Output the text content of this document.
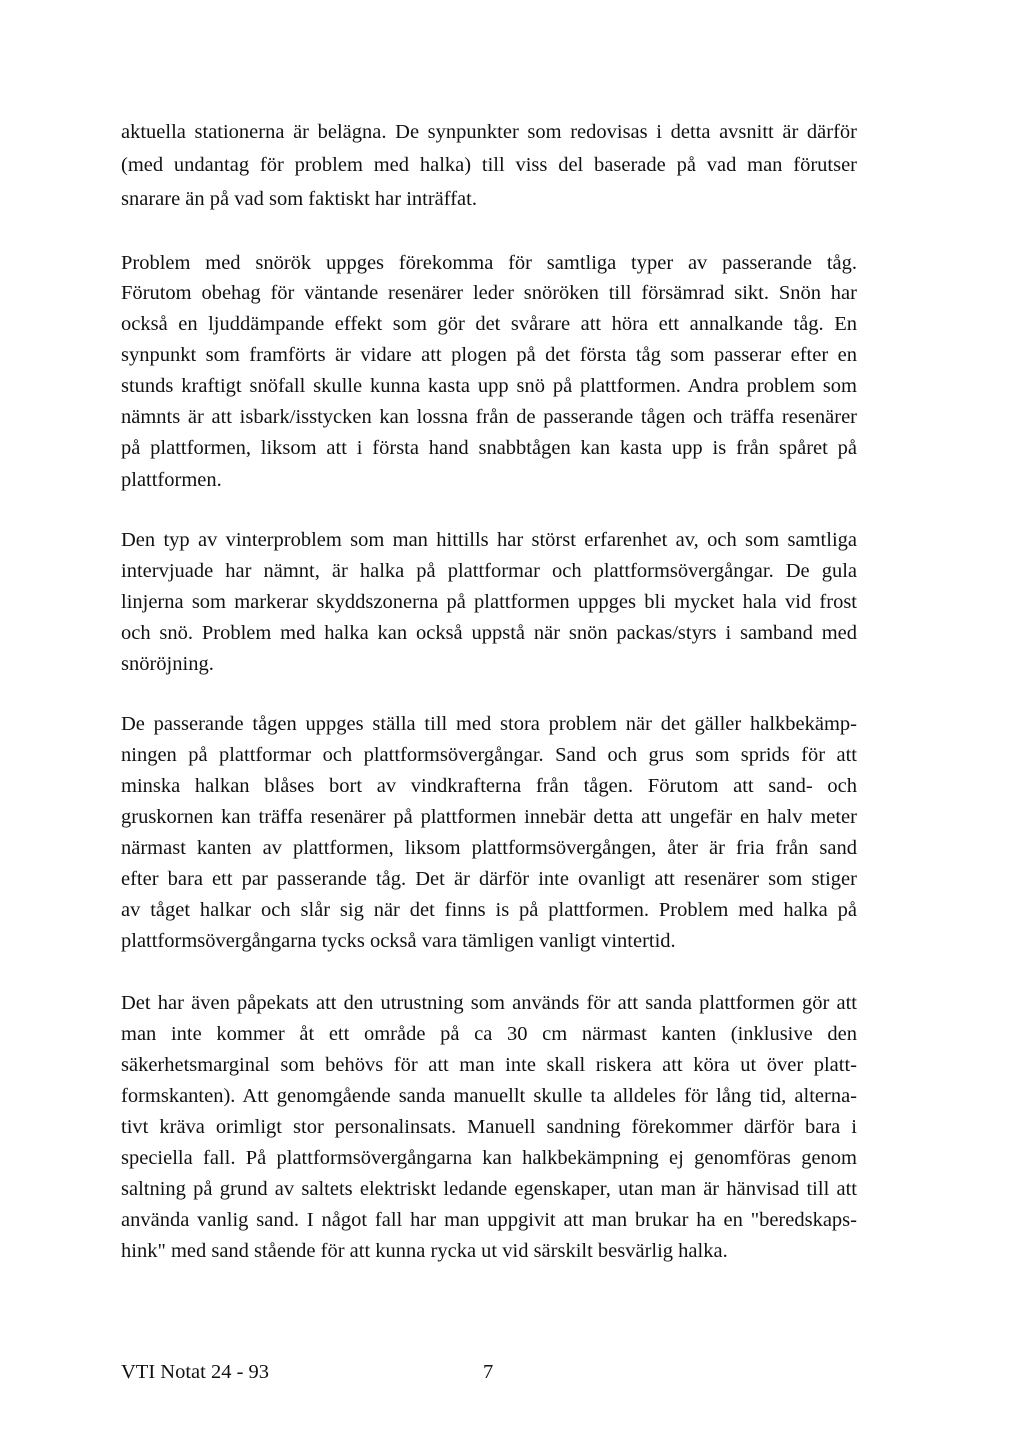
aktuella stationerna är belägna. De synpunkter som redovisas i detta avsnitt är därför

(med undantag för problem med halka) till viss del baserade på vad man förutser

snarare än på vad som faktiskt har inträffat.

Problem med snörök uppges förekomma för samtliga typer av passerande tåg.

Förutom obehag för väntande resenärer leder snöröken till försämrad sikt. Snön har

också en ljuddämpande effekt som gör det svårare att höra ett annalkande tåg. En

synpunkt som framförts är vidare att plogen på det första tåg som passerar efter en

stunds kraftigt snöfall skulle kunna kasta upp snö på plattformen. Andra problem som

nämnts är att isbark/isstycken kan lossna från de passerande tågen och träffa resenärer

på plattformen, liksom att i första hand snabbtågen kan kasta upp is från spåret på

plattformen.

Den typ av vinterproblem som man hittills har störst erfarenhet av, och som samtliga

intervjuade har nämnt, är halka på plattformar och plattformsövergångar. De gula

linjerna som markerar skyddszonerna på plattformen uppges bli mycket hala vid frost

och snö. Problem med halka kan också uppstå när snön packas/styrs i samband med

snöröjning.

De passerande tågen uppges ställa till med stora problem när det gäller halkbekämp-

ningen på plattformar och plattformsövergångar. Sand och grus som sprids för att

minska halkan blåses bort av vindkrafterna från tågen. Förutom att sand- och

gruskornen kan träffa resenärer på plattformen innebär detta att ungefär en halv meter

närmast kanten av plattformen, liksom plattformsövergången, åter är fria från sand

efter bara ett par passerande tåg. Det är därför inte ovanligt att resenärer som stiger

av tåget halkar och slår sig när det finns is på plattformen. Problem med halka på

plattformsövergångarna tycks också vara tämligen vanligt vintertid.

Det har även påpekats att den utrustning som används för att sanda plattformen gör att

man inte kommer åt ett område på ca 30 cm närmast kanten (inklusive den

säkerhetsmarginal som behövs för att man inte skall riskera att köra ut över platt-

formskanten). Att genomgående sanda manuellt skulle ta alldeles för lång tid, alterna-

tivt kräva orimligt stor personalinsats. Manuell sandning förekommer därför bara i

speciella fall. På plattformsövergångarna kan halkbekämpning ej genomföras genom

saltning på grund av saltets elektriskt ledande egenskaper, utan man är hänvisad till att

använda vanlig sand. I något fall har man uppgivit att man brukar ha en "beredskaps-

hink" med sand stående för att kunna rycka ut vid särskilt besvärlig halka.

VTI Notat 24 - 93	7
